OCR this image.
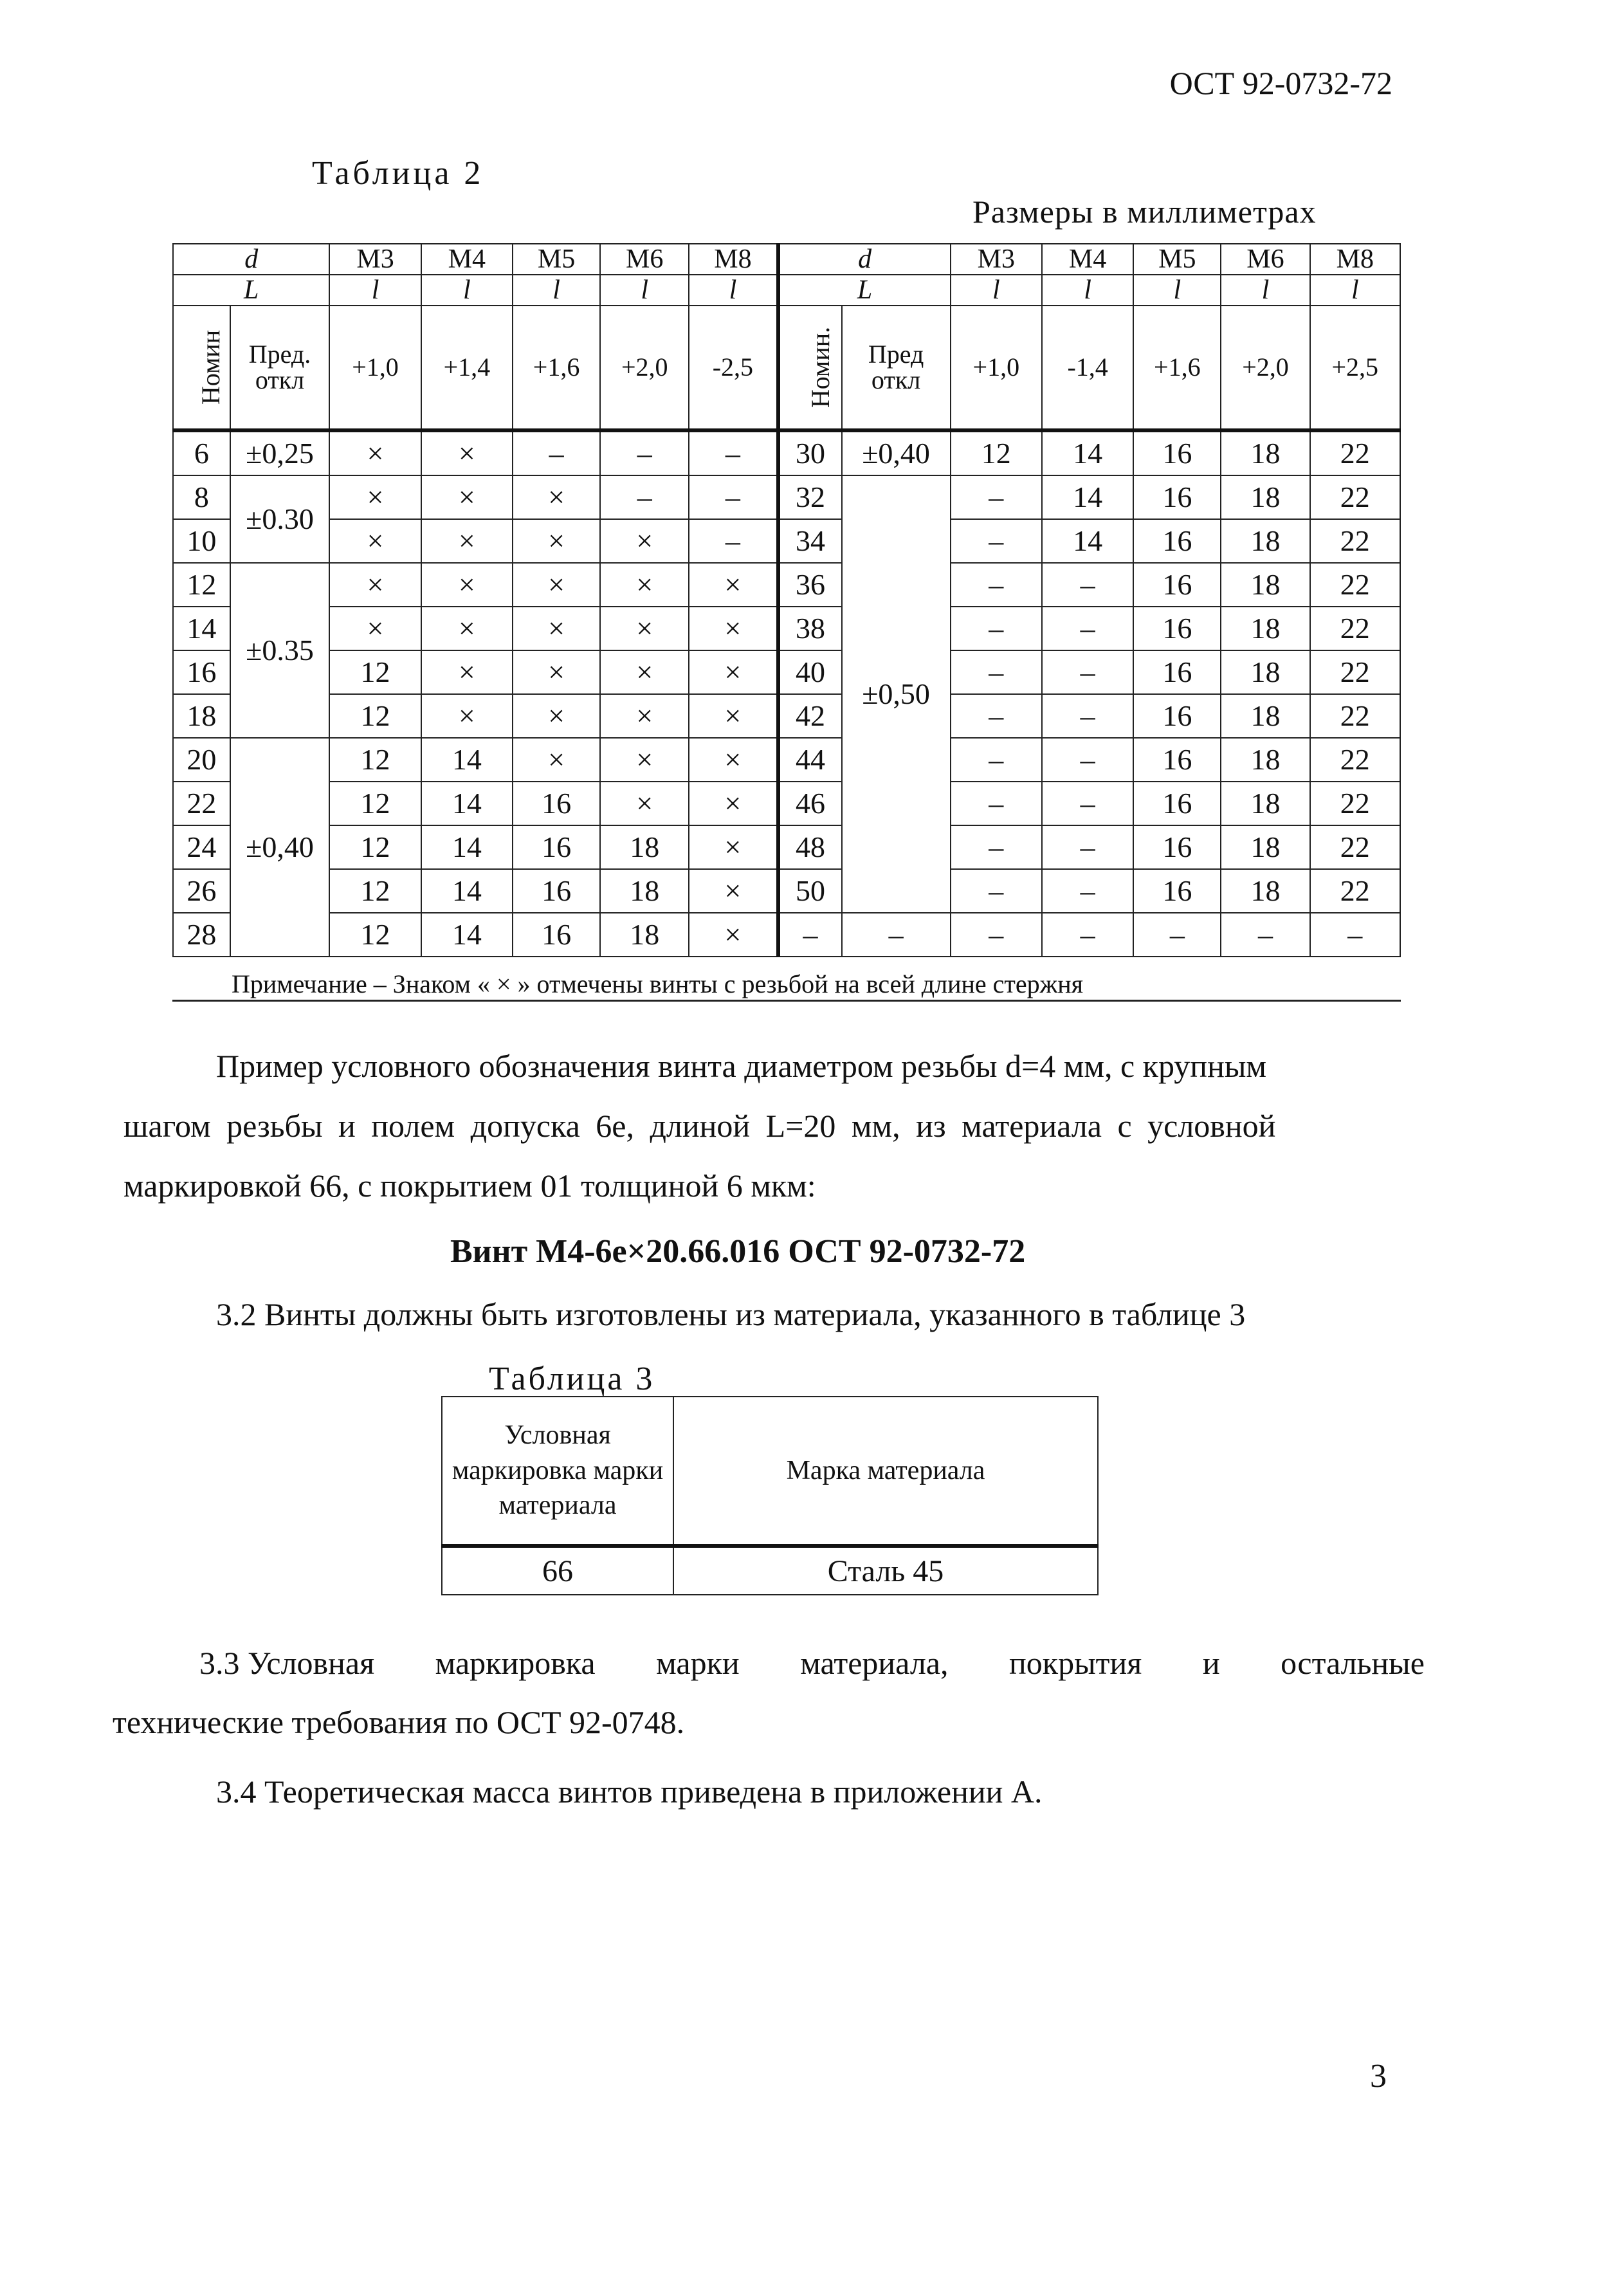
ОСТ 92-0732-72
Таблица 2
Размеры в миллиметрах
d		М3	М4	М5	М6	М8	d		М3	М4	М5	М6	М8
L		l	l	l	l	l	L		l	l	l	l	l
Номин	Пред. откл	+1,0	+1,4	+1,6	+2,0	-2,5	Номин.	Пред откл	+1,0	-1,4	+1,6	+2,0	+2,5
6	±0,25	×	×	–	–	–	30	±0,40	12	14	16	18	22
8	±0.30	×	×	×	–	–	32	±0,50	–	14	16	18	22
10		×	×	×	×	–	34		–	14	16	18	22
12	±0.35	×	×	×	×	×	36		–	–	16	18	22
14		×	×	×	×	×	38		–	–	16	18	22
16		12	×	×	×	×	40		–	–	16	18	22
18		12	×	×	×	×	42		–	–	16	18	22
20	±0,40	12	14	×	×	×	44		–	–	16	18	22
22		12	14	16	×	×	46		–	–	16	18	22
24		12	14	16	18	×	48		–	–	16	18	22
26		12	14	16	18	×	50		–	–	16	18	22
28		12	14	16	18	×	–	–	–	–	–	–	–
Примечание – Знаком « × » отмечены винты с резьбой на всей длине стержня
Пример условного обозначения винта диаметром резьбы d=4 мм, с крупным
шагом резьбы и полем допуска 6e, длиной L=20 мм, из материала с условной
маркировкой 66, с покрытием 01 толщиной 6 мкм:
Винт М4-6е×20.66.016 ОСТ 92-0732-72
3.2 Винты должны быть изготовлены из материала, указанного в таблице 3
Таблица 3
Условная маркировка марки материала	Марка материала
66	Сталь 45
3.3 Условная маркировка марки материала, покрытия и остальные
технические требования по ОСТ 92-0748.
3.4 Теоретическая масса винтов приведена в приложении А.
3
